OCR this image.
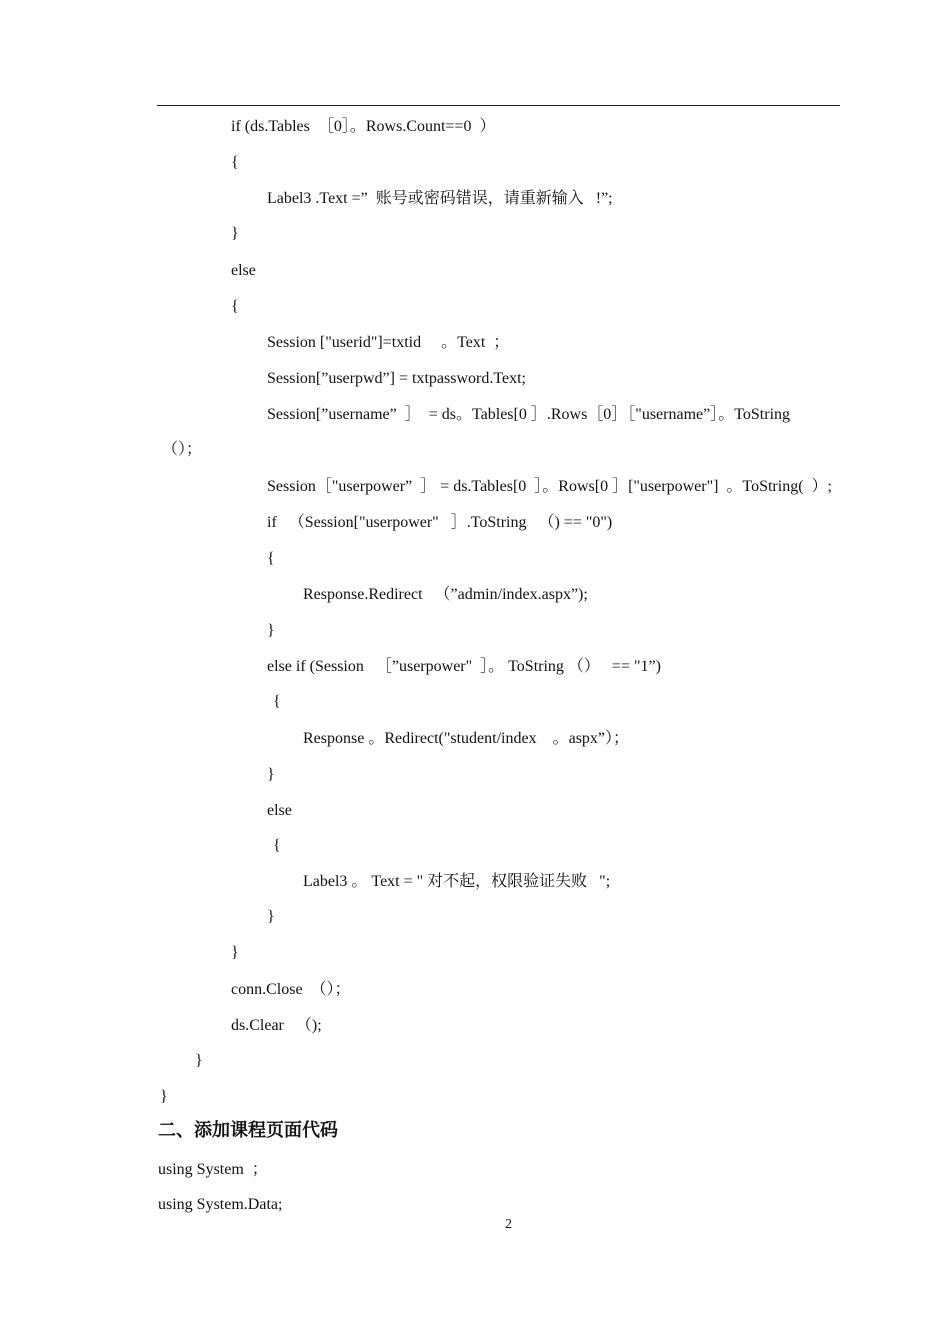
if (ds.Tables  ［0］。Rows.Count==0  ）
{
Label3 .Text =”  账号或密码错误，请重新输入   !”;
}
else
{
Session ["userid"]=txtid     。Text  ；
Session[”userpwd”] = txtpassword.Text;
Session[”username”  ］  = ds。Tables[0 ］.Rows［0］［"username”］。ToString
（）；
Session［"userpower”  ］ = ds.Tables[0  ］。Rows[0 ］["userpower"]  。ToString(  ）;
if   （Session["userpower"   ］.ToString   （) == "0")
{
Response.Redirect   （”admin/index.aspx”);
}
else if (Session   ［”userpower"  ］。 ToString （）   == "1”)
{
Response 。Redirect("student/index    。aspx”）；
}
else
{
Label3 。 Text = " 对不起，权限验证失败   ";
}
}
conn.Close  （）；
ds.Clear   （);
}
}
二、添加课程页面代码
using System  ；
using System.Data;
2
